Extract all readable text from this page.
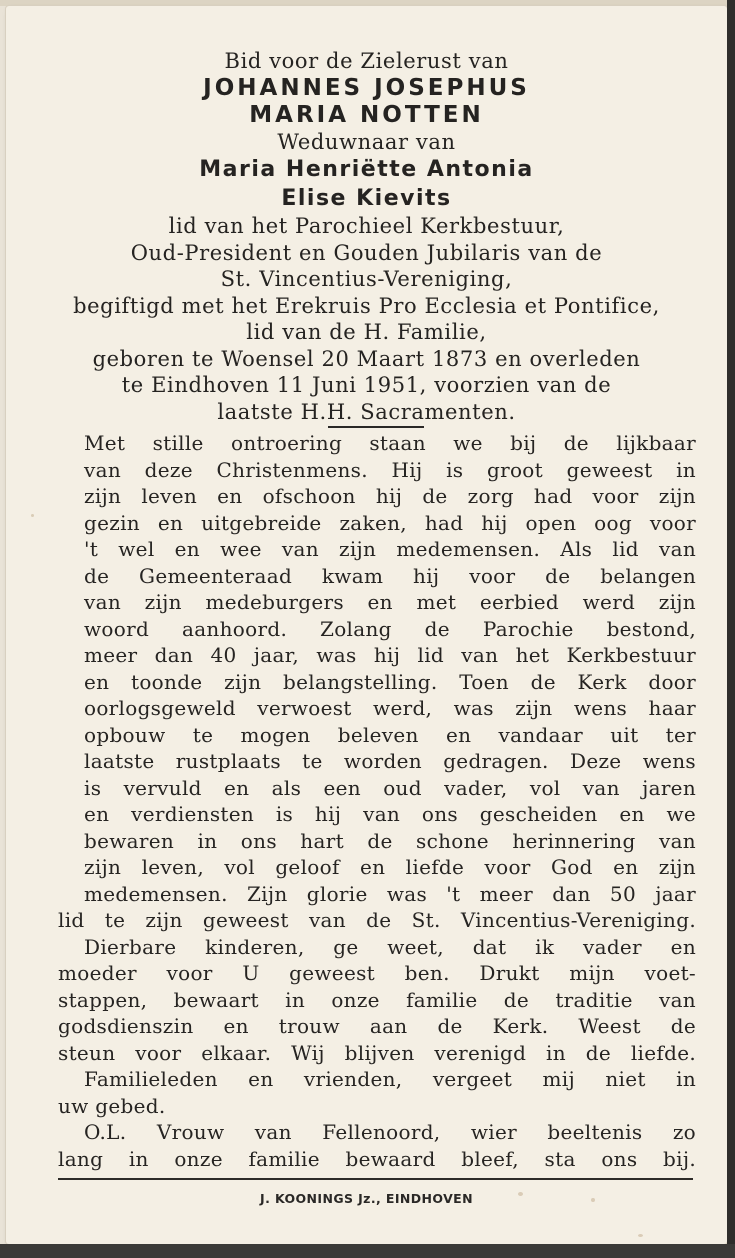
Bid voor de Zielerust van
JOHANNES JOSEPHUS
MARIA NOTTEN
Weduwnaar van
Maria Henriëtte Antonia
Elise Kievits
lid van het Parochieel Kerkbestuur,
Oud-President en Gouden Jubilaris van de
St. Vincentius-Vereniging,
begiftigd met het Erekruis Pro Ecclesia et Pontifice,
lid van de H. Familie,
geboren te Woensel 20 Maart 1873 en overleden
te Eindhoven 11 Juni 1951, voorzien van de
laatste H.H. Sacramenten.
Met stille ontroering staan we bij de lijkbaar
van deze Christenmens. Hij is groot geweest in
zijn leven en ofschoon hij de zorg had voor zijn
gezin en uitgebreide zaken, had hij open oog voor
't wel en wee van zijn medemensen. Als lid van
de Gemeenteraad kwam hij voor de belangen
van zijn medeburgers en met eerbied werd zijn
woord aanhoord. Zolang de Parochie bestond,
meer dan 40 jaar, was hij lid van het Kerkbestuur
en toonde zijn belangstelling. Toen de Kerk door
oorlogsgeweld verwoest werd, was zijn wens haar
opbouw te mogen beleven en vandaar uit ter
laatste rustplaats te worden gedragen. Deze wens
is vervuld en als een oud vader, vol van jaren
en verdiensten is hij van ons gescheiden en we
bewaren in ons hart de schone herinnering van
zijn leven, vol geloof en liefde voor God en zijn
medemensen. Zijn glorie was 't meer dan 50 jaar
lid te zijn geweest van de St. Vincentius-Vereniging.
Dierbare kinderen, ge weet, dat ik vader en
moeder voor U geweest ben. Drukt mijn voet-
stappen, bewaart in onze familie de traditie van
godsdienszin en trouw aan de Kerk. Weest de
steun voor elkaar. Wij blijven verenigd in de liefde.
Familieleden en vrienden, vergeet mij niet in
uw gebed.
O.L. Vrouw van Fellenoord, wier beeltenis zo
lang in onze familie bewaard bleef, sta ons bij.
J. KOONINGS Jz., EINDHOVEN
